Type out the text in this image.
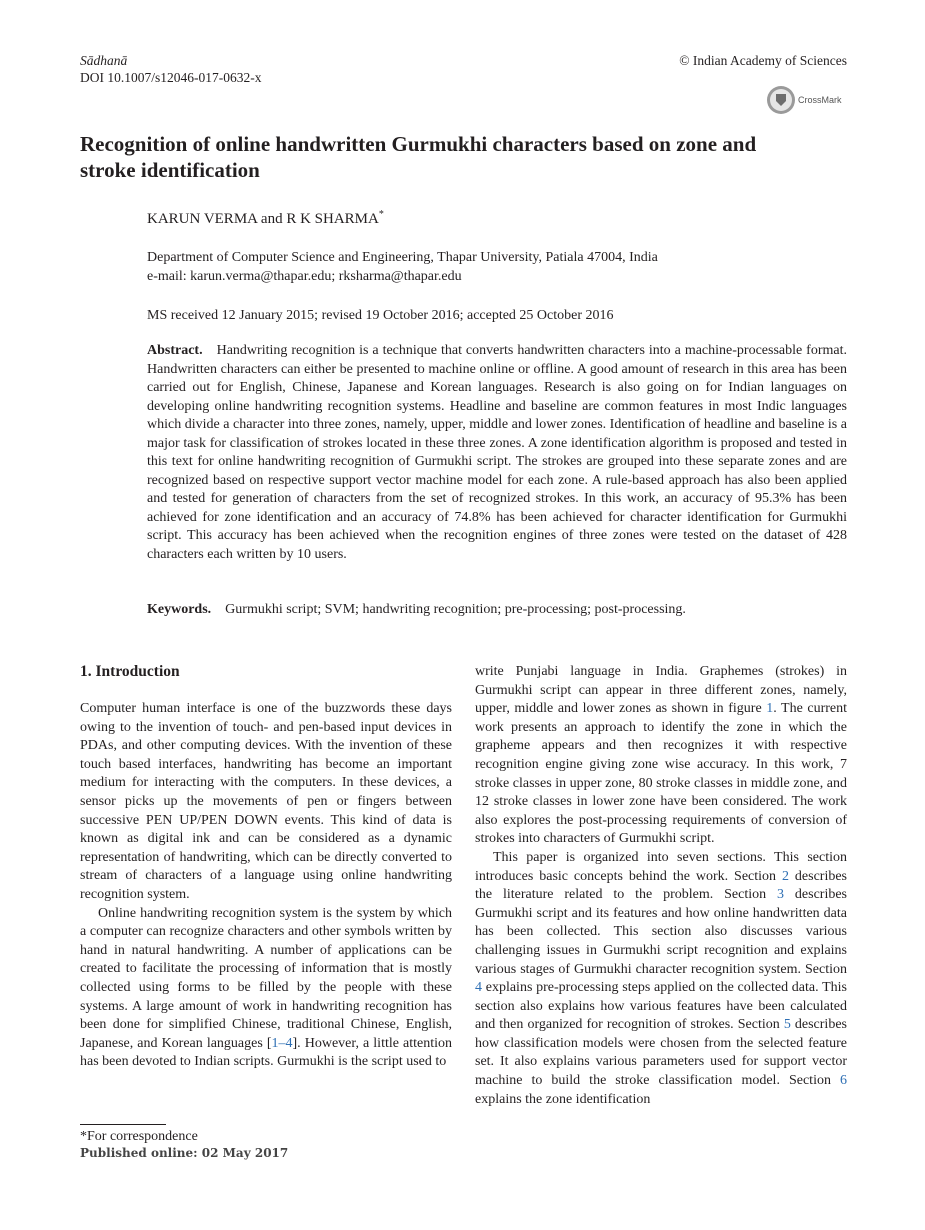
Sādhanā
DOI 10.1007/s12046-017-0632-x
© Indian Academy of Sciences
CrossMark
Recognition of online handwritten Gurmukhi characters based on zone and stroke identification
KARUN VERMA and R K SHARMA*
Department of Computer Science and Engineering, Thapar University, Patiala 47004, India
e-mail: karun.verma@thapar.edu; rksharma@thapar.edu
MS received 12 January 2015; revised 19 October 2016; accepted 25 October 2016

Abstract. Handwriting recognition is a technique that converts handwritten characters into a machine-processable format. Handwritten characters can either be presented to machine online or offline. A good amount of research in this area has been carried out for English, Chinese, Japanese and Korean languages. Research is also going on for Indian languages on developing online handwriting recognition systems. Headline and baseline are common features in most Indic languages which divide a character into three zones, namely, upper, middle and lower zones. Identification of headline and baseline is a major task for classification of strokes located in these three zones. A zone identification algorithm is proposed and tested in this text for online handwriting recognition of Gurmukhi script. The strokes are grouped into these separate zones and are recognized based on respective support vector machine model for each zone. A rule-based approach has also been applied and tested for generation of characters from the set of recognized strokes. In this work, an accuracy of 95.3% has been achieved for zone identification and an accuracy of 74.8% has been achieved for character identification for Gurmukhi script. This accuracy has been achieved when the recognition engines of three zones were tested on the dataset of 428 characters each written by 10 users.

Keywords. Gurmukhi script; SVM; handwriting recognition; pre-processing; post-processing.
1. Introduction

Computer human interface is one of the buzzwords these days owing to the invention of touch- and pen-based input devices in PDAs, and other computing devices. With the invention of these touch based interfaces, handwriting has become an important medium for interacting with the computers. In these devices, a sensor picks up the movements of pen or fingers between successive PEN UP/PEN DOWN events. This kind of data is known as digital ink and can be considered as a dynamic representation of handwriting, which can be directly converted to stream of characters of a language using online handwriting recognition system.

Online handwriting recognition system is the system by which a computer can recognize characters and other symbols written by hand in natural handwriting. A number of applications can be created to facilitate the processing of information that is mostly collected using forms to be filled by the people with these systems. A large amount of work in handwriting recognition has been done for simplified Chinese, traditional Chinese, English, Japanese, and Korean languages [1–4]. However, a little attention has been devoted to Indian scripts. Gurmukhi is the script used to

write Punjabi language in India. Graphemes (strokes) in Gurmukhi script can appear in three different zones, namely, upper, middle and lower zones as shown in figure 1. The current work presents an approach to identify the zone in which the grapheme appears and then recognizes it with respective recognition engine giving zone wise accuracy. In this work, 7 stroke classes in upper zone, 80 stroke classes in middle zone, and 12 stroke classes in lower zone have been considered. The work also explores the post-processing requirements of conversion of strokes into characters of Gurmukhi script.

This paper is organized into seven sections. This section introduces basic concepts behind the work. Section 2 describes the literature related to the problem. Section 3 describes Gurmukhi script and its features and how online handwritten data has been collected. This section also discusses various challenging issues in Gurmukhi script recognition and explains various stages of Gurmukhi character recognition system. Section 4 explains pre-processing steps applied on the collected data. This section also explains how various features have been calculated and then organized for recognition of strokes. Section 5 describes how classification models were chosen from the selected feature set. It also explains various parameters used for support vector machine to build the stroke classification model. Section 6 explains the zone identification

*For correspondence
Published online: 02 May 2017
